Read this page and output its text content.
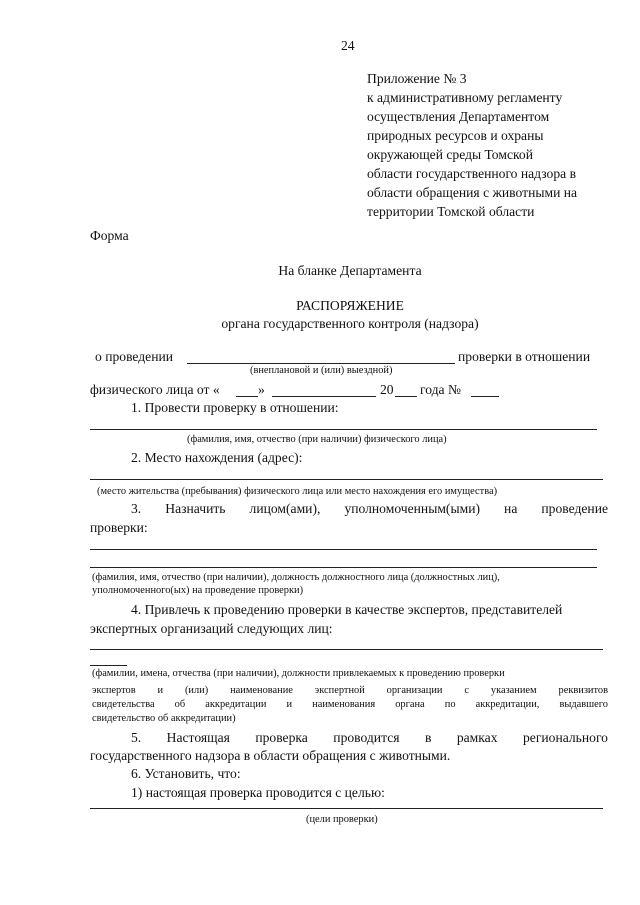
24
Приложение № 3
к административному регламенту
осуществления Департаментом
природных ресурсов и охраны
окружающей среды Томской
области государственного надзора в
области обращения с животными на
территории Томской области
Форма
На бланке Департамента
РАСПОРЯЖЕНИЕ
органа государственного контроля (надзора)
о проведении	проверки в отношении
(внеплановой и (или) выездной)
физического лица от «	»	20 года №
1. Провести проверку в отношении:
(фамилия, имя, отчество (при наличии) физического лица)
2. Место нахождения (адрес):
(место жительства (пребывания) физического лица или место нахождения его имущества)
3. Назначить лицом(ами), уполномоченным(ыми) на проведение
проверки:
(фамилия, имя, отчество (при наличии), должность должностного лица (должностных лиц),
уполномоченного(ых) на проведение проверки)
4. Привлечь к проведению проверки в качестве экспертов, представителей
экспертных организаций следующих лиц:
(фамилии, имена, отчества (при наличии), должности привлекаемых к проведению проверки
экспертов и (или) наименование экспертной организации с указанием реквизитов
свидетельства об аккредитации и наименования органа по аккредитации, выдавшего
свидетельство об аккредитации)
5. Настоящая проверка проводится в рамках регионального
государственного надзора в области обращения с животными.
6. Установить, что:
1) настоящая проверка проводится с целью:
(цели проверки)
